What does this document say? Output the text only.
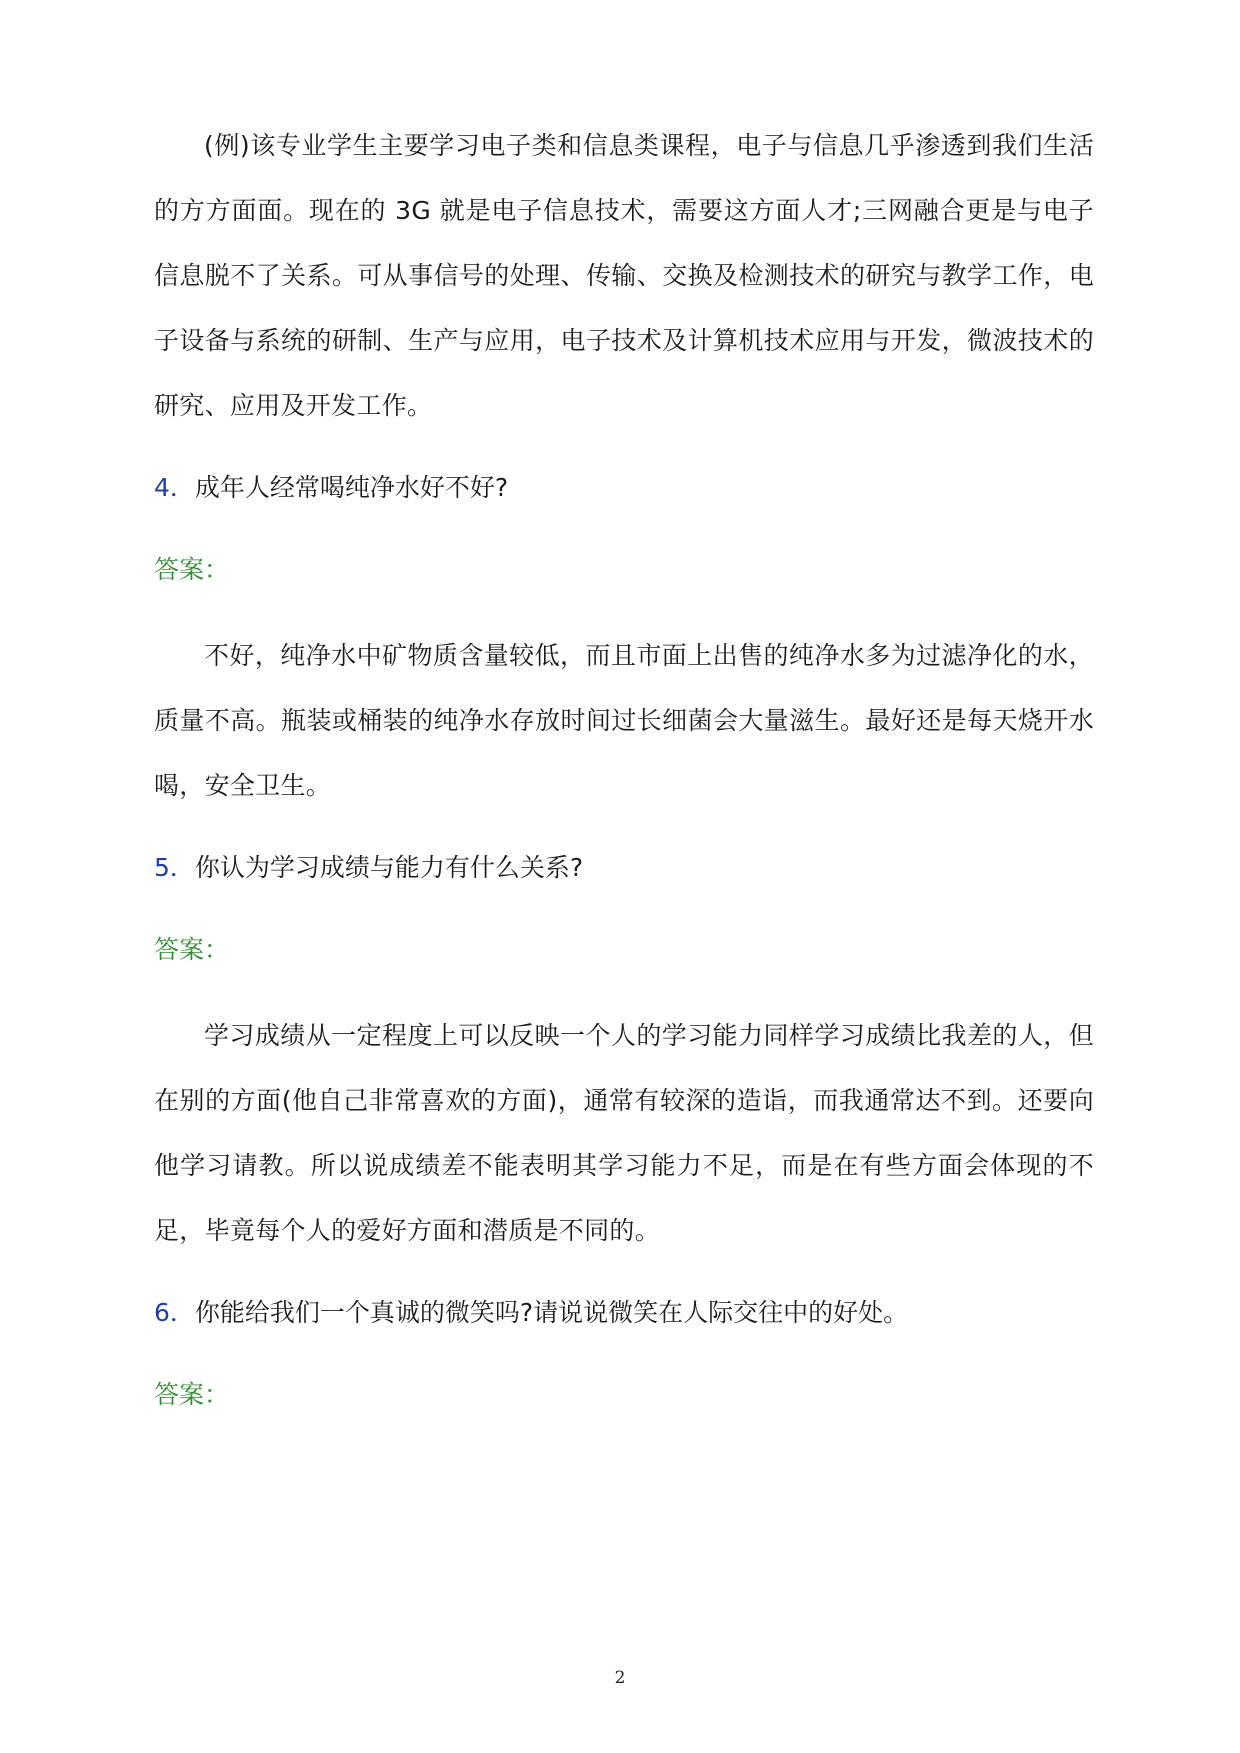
(例)该专业学生主要学习电子类和信息类课程，电子与信息几乎渗透到我们生活的方方面面。现在的 3G 就是电子信息技术，需要这方面人才;三网融合更是与电子信息脱不了关系。可从事信号的处理、传输、交换及检测技术的研究与教学工作，电子设备与系统的研制、生产与应用，电子技术及计算机技术应用与开发，微波技术的研究、应用及开发工作。

4．成年人经常喝纯净水好不好?

答案：

不好，纯净水中矿物质含量较低，而且市面上出售的纯净水多为过滤净化的水，质量不高。瓶装或桶装的纯净水存放时间过长细菌会大量滋生。最好还是每天烧开水喝，安全卫生。

5．你认为学习成绩与能力有什么关系?

答案：

学习成绩从一定程度上可以反映一个人的学习能力同样学习成绩比我差的人，但在别的方面(他自己非常喜欢的方面)，通常有较深的造诣，而我通常达不到。还要向他学习请教。所以说成绩差不能表明其学习能力不足，而是在有些方面会体现的不足，毕竟每个人的爱好方面和潜质是不同的。

6．你能给我们一个真诚的微笑吗?请说说微笑在人际交往中的好处。

答案：

2
